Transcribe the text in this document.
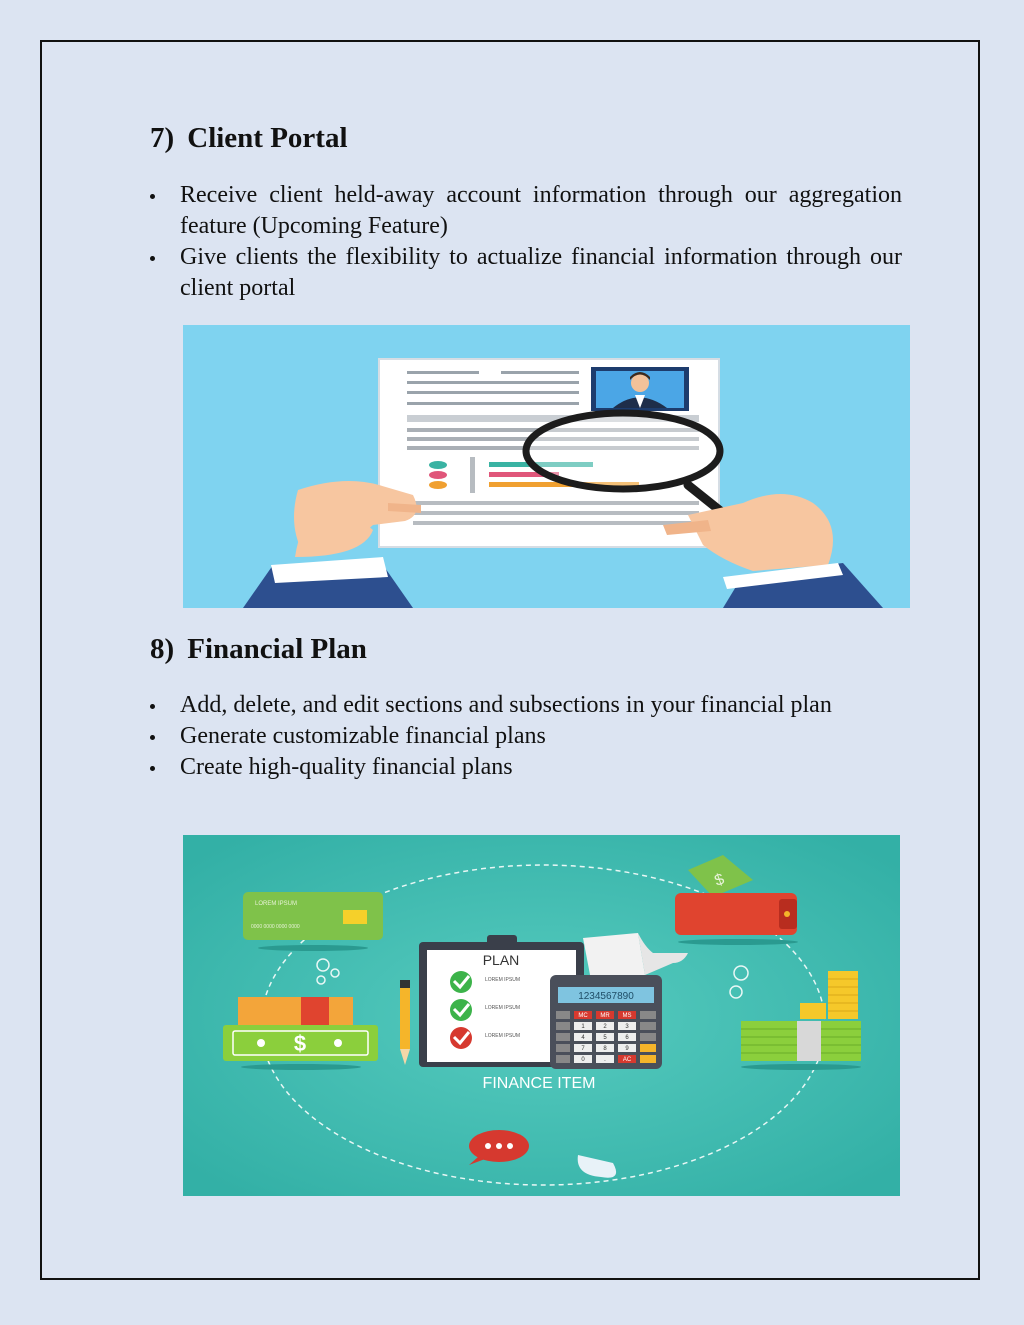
7) Client Portal
Receive client held-away account information through our aggregation feature (Upcoming Feature)
Give clients the flexibility to actualize financial information through our client portal
8) Financial Plan
Add, delete, and edit sections and subsections in your financial plan
Generate customizable financial plans
Create high-quality financial plans
LOREM IPSUM
0000 0000 0000 0000
$
PLAN
LOREM IPSUM
LOREM IPSUM
LOREM IPSUM
1234567890
MC MR MS
1	2	3
4	5	6
7	8	9
0	.	AC
FINANCE ITEM
$
